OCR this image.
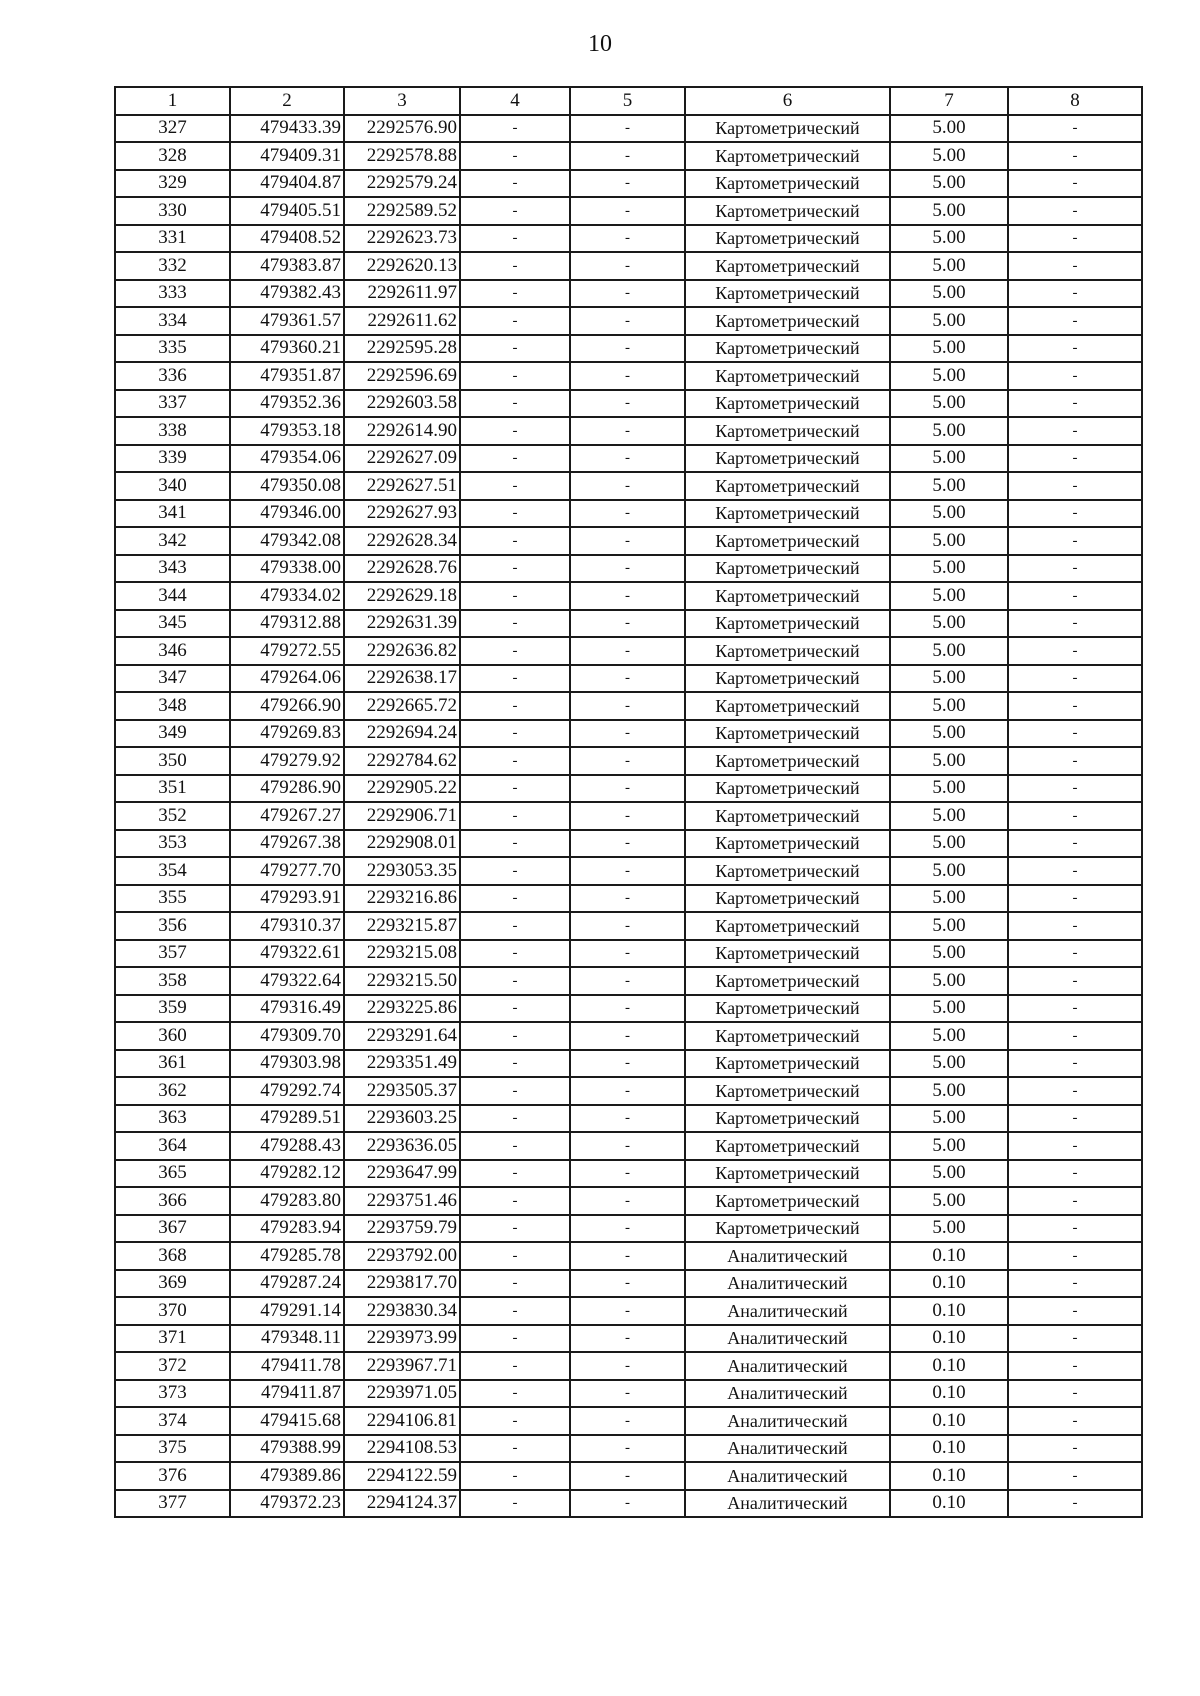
10
1	2	3	4	5	6	7	8
327	479433.39	2292576.90	-	-	Картометрический	5.00	-
328	479409.31	2292578.88	-	-	Картометрический	5.00	-
329	479404.87	2292579.24	-	-	Картометрический	5.00	-
330	479405.51	2292589.52	-	-	Картометрический	5.00	-
331	479408.52	2292623.73	-	-	Картометрический	5.00	-
332	479383.87	2292620.13	-	-	Картометрический	5.00	-
333	479382.43	2292611.97	-	-	Картометрический	5.00	-
334	479361.57	2292611.62	-	-	Картометрический	5.00	-
335	479360.21	2292595.28	-	-	Картометрический	5.00	-
336	479351.87	2292596.69	-	-	Картометрический	5.00	-
337	479352.36	2292603.58	-	-	Картометрический	5.00	-
338	479353.18	2292614.90	-	-	Картометрический	5.00	-
339	479354.06	2292627.09	-	-	Картометрический	5.00	-
340	479350.08	2292627.51	-	-	Картометрический	5.00	-
341	479346.00	2292627.93	-	-	Картометрический	5.00	-
342	479342.08	2292628.34	-	-	Картометрический	5.00	-
343	479338.00	2292628.76	-	-	Картометрический	5.00	-
344	479334.02	2292629.18	-	-	Картометрический	5.00	-
345	479312.88	2292631.39	-	-	Картометрический	5.00	-
346	479272.55	2292636.82	-	-	Картометрический	5.00	-
347	479264.06	2292638.17	-	-	Картометрический	5.00	-
348	479266.90	2292665.72	-	-	Картометрический	5.00	-
349	479269.83	2292694.24	-	-	Картометрический	5.00	-
350	479279.92	2292784.62	-	-	Картометрический	5.00	-
351	479286.90	2292905.22	-	-	Картометрический	5.00	-
352	479267.27	2292906.71	-	-	Картометрический	5.00	-
353	479267.38	2292908.01	-	-	Картометрический	5.00	-
354	479277.70	2293053.35	-	-	Картометрический	5.00	-
355	479293.91	2293216.86	-	-	Картометрический	5.00	-
356	479310.37	2293215.87	-	-	Картометрический	5.00	-
357	479322.61	2293215.08	-	-	Картометрический	5.00	-
358	479322.64	2293215.50	-	-	Картометрический	5.00	-
359	479316.49	2293225.86	-	-	Картометрический	5.00	-
360	479309.70	2293291.64	-	-	Картометрический	5.00	-
361	479303.98	2293351.49	-	-	Картометрический	5.00	-
362	479292.74	2293505.37	-	-	Картометрический	5.00	-
363	479289.51	2293603.25	-	-	Картометрический	5.00	-
364	479288.43	2293636.05	-	-	Картометрический	5.00	-
365	479282.12	2293647.99	-	-	Картометрический	5.00	-
366	479283.80	2293751.46	-	-	Картометрический	5.00	-
367	479283.94	2293759.79	-	-	Картометрический	5.00	-
368	479285.78	2293792.00	-	-	Аналитический	0.10	-
369	479287.24	2293817.70	-	-	Аналитический	0.10	-
370	479291.14	2293830.34	-	-	Аналитический	0.10	-
371	479348.11	2293973.99	-	-	Аналитический	0.10	-
372	479411.78	2293967.71	-	-	Аналитический	0.10	-
373	479411.87	2293971.05	-	-	Аналитический	0.10	-
374	479415.68	2294106.81	-	-	Аналитический	0.10	-
375	479388.99	2294108.53	-	-	Аналитический	0.10	-
376	479389.86	2294122.59	-	-	Аналитический	0.10	-
377	479372.23	2294124.37	-	-	Аналитический	0.10	-
